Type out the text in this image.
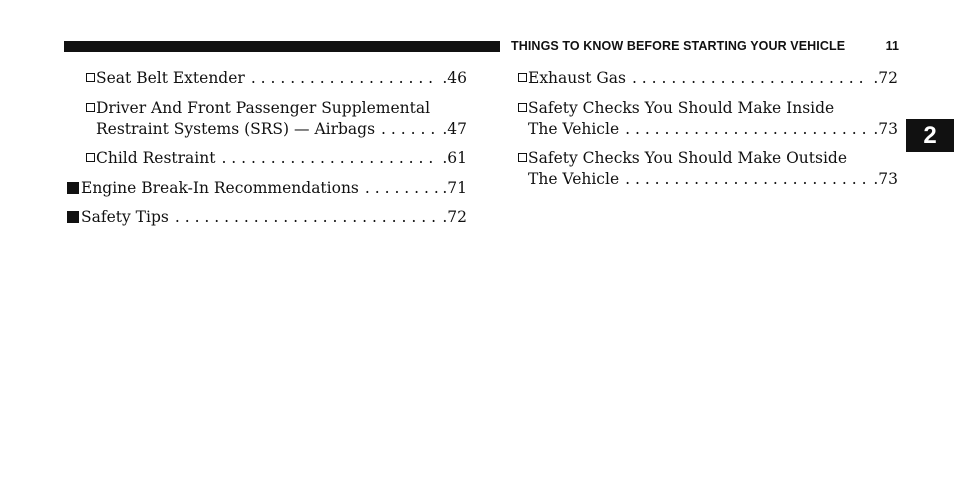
THINGS TO KNOW BEFORE STARTING YOUR VEHICLE	11
2
Seat Belt Extender . . .	.46
Driver And Front Passenger Supplemental
Restraint Systems (SRS) — Airbags . . .	.47
Child Restraint . . .	.61
Engine Break-In Recommendations . . .	.71
Safety Tips . . .	.72
Exhaust Gas . . .	.72
Safety Checks You Should Make Inside
The Vehicle . . .	.73
Safety Checks You Should Make Outside
The Vehicle . . .	.73
